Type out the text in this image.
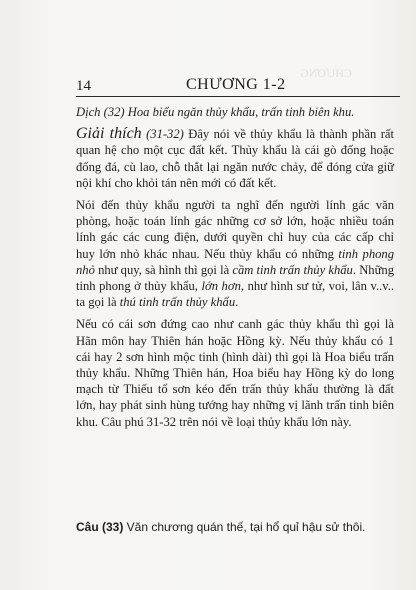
CHƯƠNG
14	CHƯƠNG 1-2

Dịch (32) Hoa biểu ngăn thủy khẩu, trấn tinh biên khu.

Giải thích (31-32) Đây nói về thủy khẩu là thành phần rất quan hệ cho một cục đất kết. Thủy khẩu là cái gò đống hoặc đống đá, cù lao, chỗ thắt lại ngăn nước chảy, để đóng cửa giữ nội khí cho khỏi tán nên mới có đất kết.

Nói đến thủy khẩu người ta nghĩ đến người lính gác văn phòng, hoặc toán lính gác những cơ sở lớn, hoặc nhiều toán lính gác các cung điện, dưới quyền chỉ huy của các cấp chỉ huy lớn nhỏ khác nhau. Nếu thủy khẩu có những tinh phong nhỏ như quy, sà hình thì gọi là cầm tinh trấn thủy khẩu. Những tinh phong ở thủy khẩu, lớn hơn, như hình sư tử, voi, lân v..v.. ta gọi là thú tinh trấn thủy khẩu.

Nếu có cái sơn đứng cao như canh gác thủy khẩu thì gọi là Hãn môn hay Thiên hán hoặc Hồng kỳ. Nếu thủy khẩu có 1 cái hay 2 sơn hình mộc tinh (hình dài) thì gọi là Hoa biểu trấn thủy khẩu. Những Thiên hán, Hoa biểu hay Hồng kỳ do long mạch từ Thiếu tổ sơn kéo đến trấn thủy khẩu thường là đất lớn, hay phát sinh hùng tướng hay những vị lãnh trấn tinh biên khu. Câu phú 31-32 trên nói về loại thủy khẩu lớn này.

Câu (33) Văn chương quán thế, tại hổ quỉ hậu sử thôi.
